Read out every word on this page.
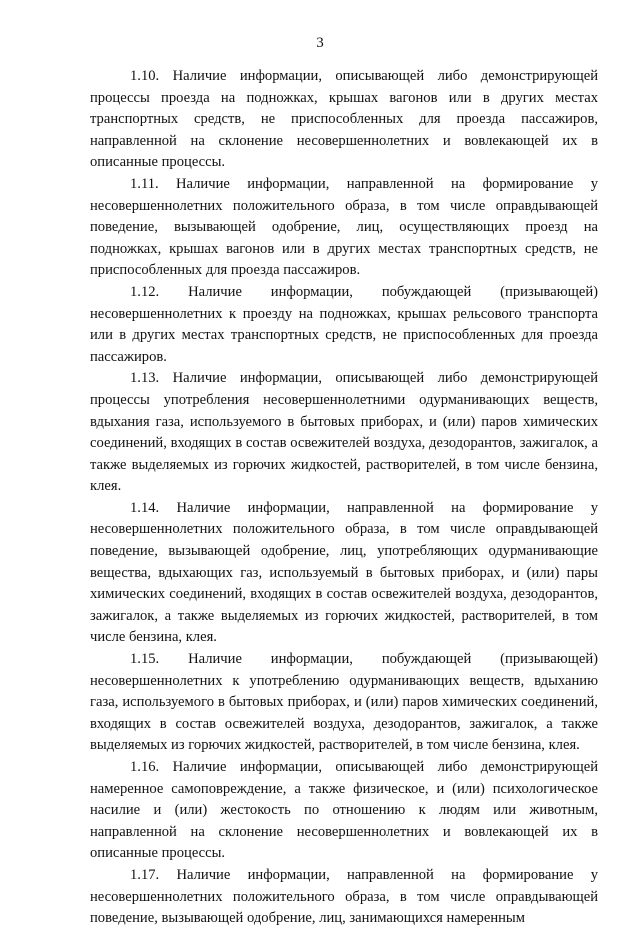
3

1.10. Наличие информации, описывающей либо демонстрирующей процессы проезда на подножках, крышах вагонов или в других местах транспортных средств, не приспособленных для проезда пассажиров, направленной на склонение несовершеннолетних и вовлекающей их в описанные процессы.

1.11. Наличие информации, направленной на формирование у несовершеннолетних положительного образа, в том числе оправдывающей поведение, вызывающей одобрение, лиц, осуществляющих проезд на подножках, крышах вагонов или в других местах транспортных средств, не приспособленных для проезда пассажиров.

1.12. Наличие информации, побуждающей (призывающей) несовершеннолетних к проезду на подножках, крышах рельсового транспорта или в других местах транспортных средств, не приспособленных для проезда пассажиров.

1.13. Наличие информации, описывающей либо демонстрирующей процессы употребления несовершеннолетними одурманивающих веществ, вдыхания газа, используемого в бытовых приборах, и (или) паров химических соединений, входящих в состав освежителей воздуха, дезодорантов, зажигалок, а также выделяемых из горючих жидкостей, растворителей, в том числе бензина, клея.

1.14. Наличие информации, направленной на формирование у несовершеннолетних положительного образа, в том числе оправдывающей поведение, вызывающей одобрение, лиц, употребляющих одурманивающие вещества, вдыхающих газ, используемый в бытовых приборах, и (или) пары химических соединений, входящих в состав освежителей воздуха, дезодорантов, зажигалок, а также выделяемых из горючих жидкостей, растворителей, в том числе бензина, клея.

1.15. Наличие информации, побуждающей (призывающей) несовершеннолетних к употреблению одурманивающих веществ, вдыханию газа, используемого в бытовых приборах, и (или) паров химических соединений, входящих в состав освежителей воздуха, дезодорантов, зажигалок, а также выделяемых из горючих жидкостей, растворителей, в том числе бензина, клея.

1.16. Наличие информации, описывающей либо демонстрирующей намеренное самоповреждение, а также физическое, и (или) психологическое насилие и (или) жестокость по отношению к людям или животным, направленной на склонение несовершеннолетних и вовлекающей их в описанные процессы.

1.17. Наличие информации, направленной на формирование у несовершеннолетних положительного образа, в том числе оправдывающей поведение, вызывающей одобрение, лиц, занимающихся намеренным
